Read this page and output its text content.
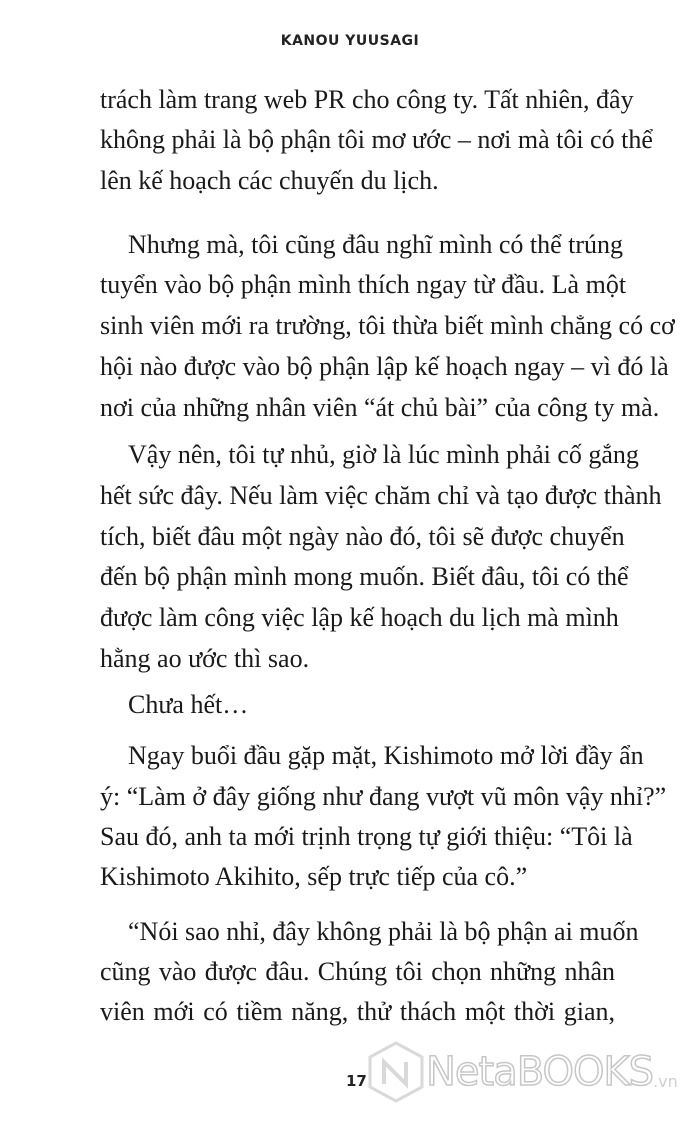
KANOU YUUSAGI
trách làm trang web PR cho công ty. Tất nhiên, đây
không phải là bộ phận tôi mơ ước – nơi mà tôi có thể
lên kế hoạch các chuyến du lịch.
Nhưng mà, tôi cũng đâu nghĩ mình có thể trúng
tuyển vào bộ phận mình thích ngay từ đầu. Là một
sinh viên mới ra trường, tôi thừa biết mình chẳng có cơ
hội nào được vào bộ phận lập kế hoạch ngay – vì đó là
nơi của những nhân viên “át chủ bài” của công ty mà.
Vậy nên, tôi tự nhủ, giờ là lúc mình phải cố gắng
hết sức đây. Nếu làm việc chăm chỉ và tạo được thành
tích, biết đâu một ngày nào đó, tôi sẽ được chuyển
đến bộ phận mình mong muốn. Biết đâu, tôi có thể
được làm công việc lập kế hoạch du lịch mà mình
hằng ao ước thì sao.
Chưa hết…
Ngay buổi đầu gặp mặt, Kishimoto mở lời đầy ẩn
ý: “Làm ở đây giống như đang vượt vũ môn vậy nhỉ?”
Sau đó, anh ta mới trịnh trọng tự giới thiệu: “Tôi là
Kishimoto Akihito, sếp trực tiếp của cô.”
“Nói sao nhỉ, đây không phải là bộ phận ai muốn
cũng vào được đâu. Chúng tôi chọn những nhân
viên mới có tiềm năng, thử thách một thời gian,
17 NetaBOOKS .vn
